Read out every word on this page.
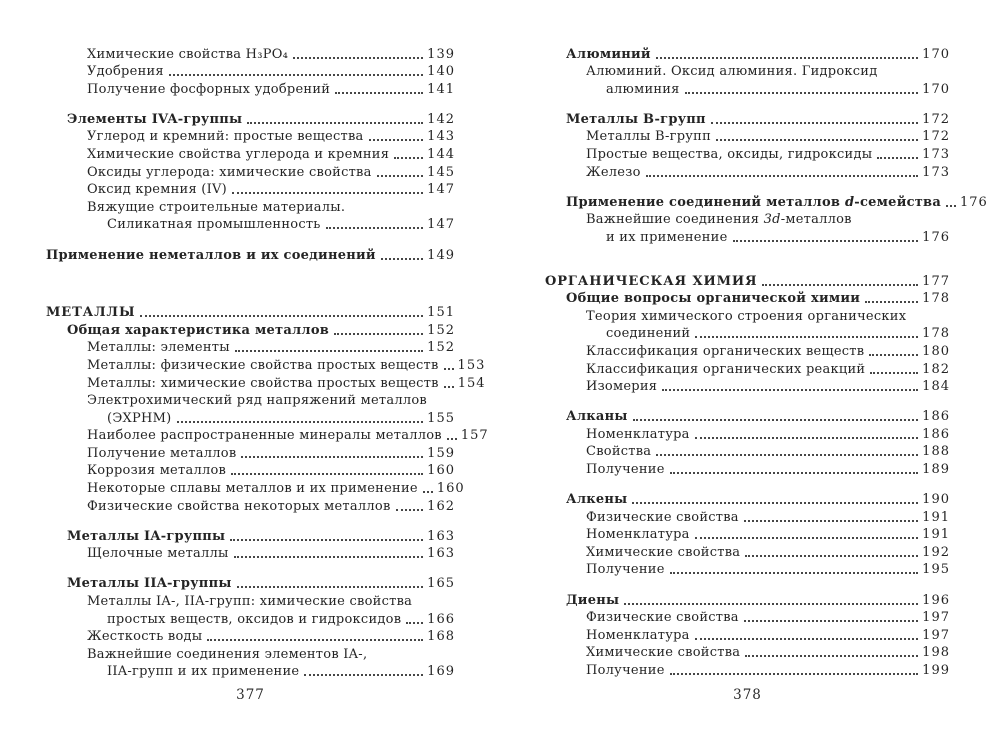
Химические свойства H₃PO₄	139
Удобрения	140
Получение фосфорных удобрений	141
Элементы IVA-группы	142
Углерод и кремний: простые вещества	143
Химические свойства углерода и кремния	144
Оксиды углерода: химические свойства	145
Оксид кремния (IV)	147
Вяжущие строительные материалы.
Силикатная промышленность	147
Применение неметаллов и их соединений	149
МЕТАЛЛЫ	151
Общая характеристика металлов	152
Металлы: элементы	152
Металлы: физические свойства простых веществ 153
Металлы: химические свойства простых веществ 154
Электрохимический ряд напряжений металлов
(ЭХРНМ)	155
Наиболее распространенные минералы металлов 157
Получение металлов	159
Коррозия металлов	160
Некоторые сплавы металлов и их применение 160
Физические свойства некоторых металлов	162
Металлы IA-группы	163
Щелочные металлы	163
Металлы IIA-группы	165
Металлы IA-, IIA-групп: химические свойства
простых веществ, оксидов и гидроксидов 166
Жесткость воды	168
Важнейшие соединения элементов IA-,
IIA-групп и их применение	169
Алюминий	170
Алюминий. Оксид алюминия. Гидроксид
алюминия	170
Металлы B-групп	172
Металлы B-групп	172
Простые вещества, оксиды, гидроксиды	173
Железо	173
Применение соединений металлов d-семейства 176
Важнейшие соединения 3d-металлов
и их применение	176
ОРГАНИЧЕСКАЯ ХИМИЯ	177
Общие вопросы органической химии	178
Теория химического строения органических
соединений	178
Классификация органических веществ	180
Классификация органических реакций	182
Изомерия	184
Алканы	186
Номенклатура	186
Свойства	188
Получение	189
Алкены	190
Физические свойства	191
Номенклатура	191
Химические свойства	192
Получение	195
Диены	196
Физические свойства	197
Номенклатура	197
Химические свойства	198
Получение	199
377	378
